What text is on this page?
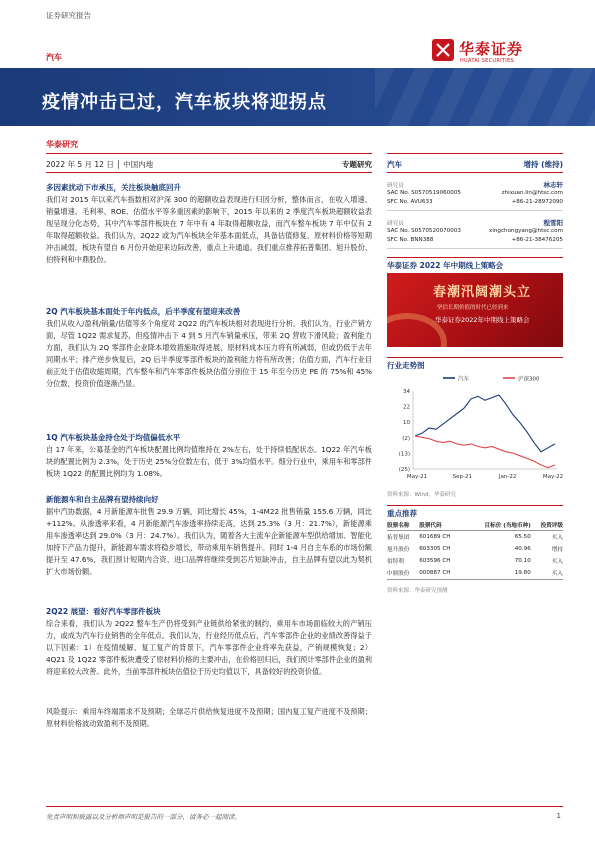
证券研究报告
汽车	华泰证券
HUATAI SECURITIES
疫情冲击已过，汽车板块将迎拐点
华泰研究
2022 年 5 月 12 日 │ 中国内地	专题研究
多因素扰动下市承压，关注板块触底回升
我们对 2015 年以来汽车指数相对沪深 300 的超额收益表现进行归因分析，整体而言，在收入增速、销量增速、毛利率、ROE、估值水平等多重因素的影响下，2015 年以来的 2 季度汽车板块超额收益表现呈现分化态势，其中汽车零部件板块在 7 年中有 4 年取得超额收益，而汽车整车板块 7 年中仅有 2 年取得超额收益。我们认为，2Q22 或为汽车板块全年基本面低点，具备估值修复、原材料价格等短期冲击减弱，板块有望自 6 月份开始迎来边际改善，重点上升通道。我们重点推荐拓普集团、旭升股份、伯特利和中鼎股份。
2Q 汽车板块基本面处于年内低点，后半季度有望迎来改善
我们从收入/盈利/销量/估值等多个角度对 2Q22 的汽车板块相对表现进行分析。我们认为，行业产销方面，尽管 1Q22 需求复苏，但疫情冲击下 4 到 5 月汽车销量承压，带来 2Q 营收下滑风险；盈利能力方面，我们认为 2Q 零部件企业降本增效措施取得进展，原材料成本压力将有所减弱，但或仍低于去年同期水平；排产逆步恢复后，2Q 后半季度零部件板块的盈利能力将有所改善；估值方面，汽车行业目前正处于估值收缩周期，汽车整车和汽车零部件板块估值分别位于 15 年至今历史 PE 的 75%和 45%分位数，投资价值逐渐凸显。
1Q 汽车板块基金持仓处于均值偏低水平
自 17 年来，公募基金的汽车板块配置比例均值维持在 2%左右，处于持续低配状态。1Q22 年汽车板块的配置比例为 2.3%，处于历史 25%分位数左右，低于 3%均值水平。细分行业中，乘用车和零部件板块 1Q22 的配置比例均为 1.08%。
新能源车和自主品牌有望持续向好
据中汽协数据，4 月新能源车批售 29.9 万辆，同比增长 45%，1-4M22 批售销量 155.6 万辆，同比+112%。从渗透率来看，4 月新能源汽车渗透率持续走高，达到 25.3%（3 月：21.7%），新能源乘用车渗透率达到 29.0%（3 月：24.7%）。我们认为，随着各大主流车企新能源车型供给增加、智能化加持下产品力提升，新能源车需求将稳步增长，带动乘用车销售提升。同时 1-4 月自主车系的市场份额提升至 47.6%，我们预计短期内合资、进口品牌将继续受到芯片短缺冲击，自主品牌有望以此为契机扩大市场份额。
2Q22 展望：看好汽车零部件板块
综合来看，我们认为 2Q22 整车生产仍将受到产业链供给紧张的制约，乘用车市场面临较大的产销压力，或成为汽车行业销售的全年低点。我们认为，行业经历低点后，汽车零部件企业的业绩改善得益于以下因素：1）在疫情缓解、复工复产的背景下，汽车零部件企业将率先获益，产销规模恢复；2）4Q21 及 1Q22 零部件板块遭受了原材料价格的主要冲击，在价格回归后，我们预计零部件企业的盈利将迎来较大改善。此外，当前零部件板块估值位于历史均值以下，具备较好的投资价值。
风险提示：乘用车终端需求不及预期；全球芯片供给恢复进度不及预期；国内复工复产进度不及预期；原材料价格波动致盈利不及预期。
汽车	增持 (维持)
研究员	林志轩
SAC No. S0570519060005
SFC No. AVU633
zhixuan.lin@htsc.com
+86-21-28972090
研究员	程雪阳
SAC No. S0570520070003
SFC No. BNN388
xingchongyang@htsc.com
+86-21-38476205
华泰证券 2022 年中期线上策略会
春潮汛阔潮头立
坚信长期价值的时代已经到来
华泰证券2022年中期线上策略会
行业走势图
汽车	沪深300
34
22
10
(2)
(13)
(25)
May-21	Sep-21	Jan-22	May-22
资料来源：Wind，华泰研究
重点推荐
股票名称	股票代码	目标价 (当地币种)	投资评级
拓普集团	601689 CH	65.50	买入
旭升股份	603305 CH	40.96	增持
伯特利	603596 CH	70.10	买入
中鼎股份	000887 CH	19.80	买入
资料来源：华泰研究预测
免责声明和披露以及分析师声明是报告的一部分，请务必一起阅读。	1
